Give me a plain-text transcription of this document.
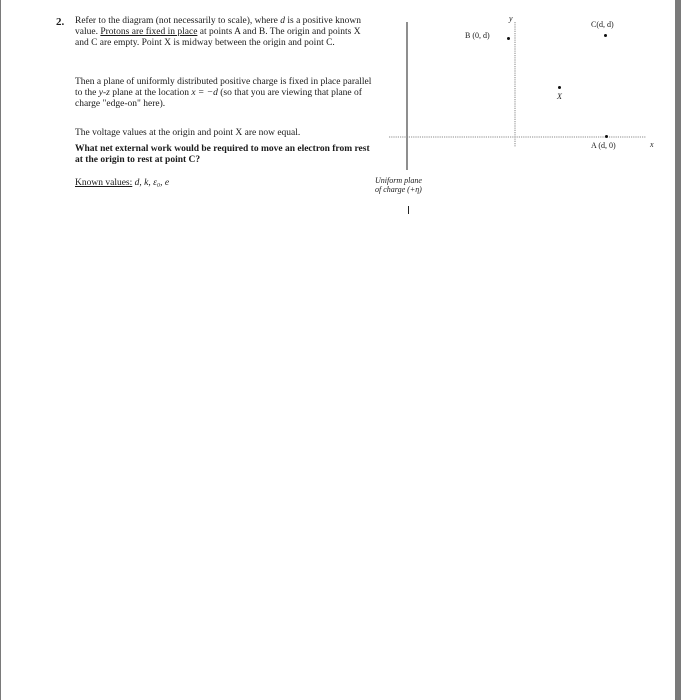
2. Refer to the diagram (not necessarily to scale), where d is a positive known value. Protons are fixed in place at points A and B. The origin and points X and C are empty. Point X is midway between the origin and point C.
Then a plane of uniformly distributed positive charge is fixed in place parallel to the y-z plane at the location x = −d (so that you are viewing that plane of charge "edge-on" here).
The voltage values at the origin and point X are now equal.
What net external work would be required to move an electron from rest at the origin to rest at point C?
Known values: d, k, ε₀, e
y
x
B (0, d)
C(d, d)
X
A (d, 0)
Uniform plane
of charge (+η)
